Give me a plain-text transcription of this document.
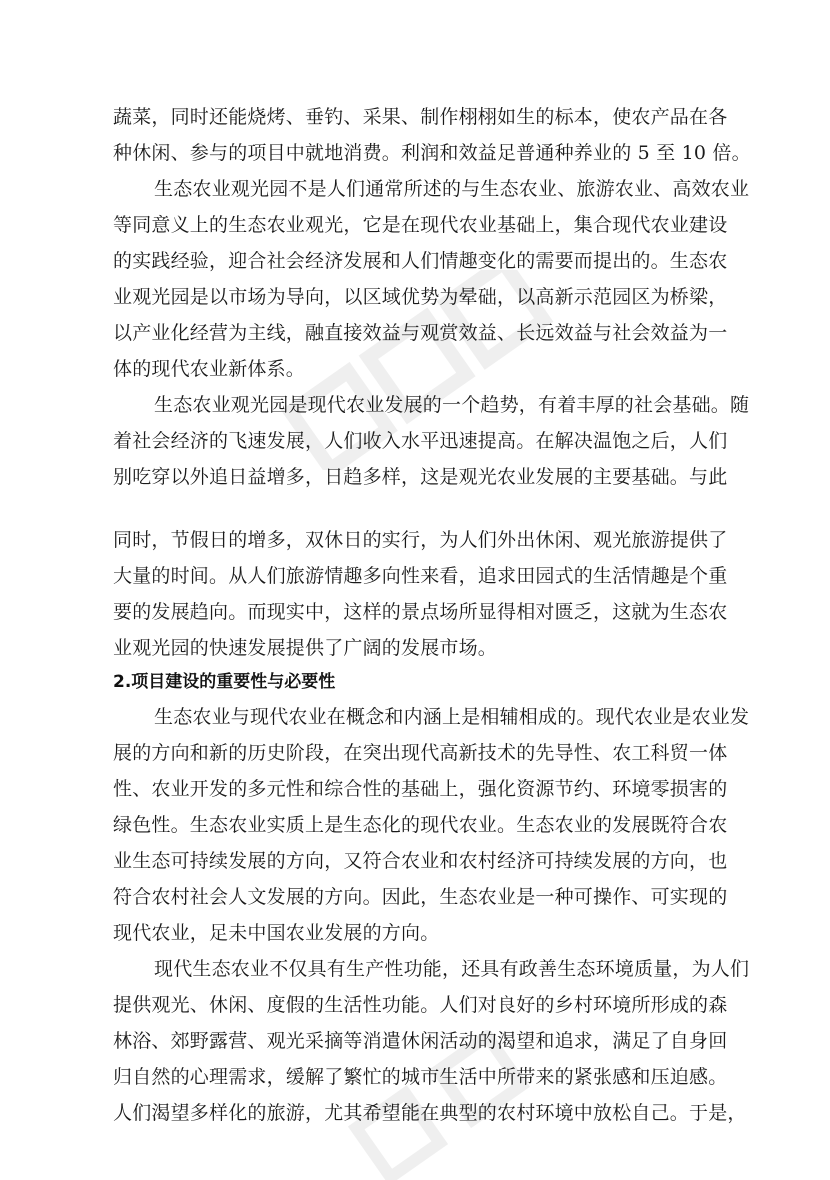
蔬菜，同时还能烧烤、垂钓、采果、制作栩栩如生的标本，使农产品在各
种休闲、参与的项目中就地消费。利润和效益足普通种养业的 5 至 10 倍。
生态农业观光园不是人们通常所述的与生态农业、旅游农业、高效农业
等同意义上的生态农业观光，它是在现代农业基础上，集合现代农业建设
的实践经验，迎合社会经济发展和人们情趣变化的需要而提出的。生态农
业观光园是以市场为导向，以区域优势为晕础，以高新示范园区为桥梁，
以产业化经营为主线，融直接效益与观赏效益、长远效益与社会效益为一
体的现代农业新体系。
生态农业观光园是现代农业发展的一个趋势，有着丰厚的社会基础。随
着社会经济的飞速发展，人们收入水平迅速提高。在解决温饱之后，人们
别吃穿以外追日益增多，日趋多样，这是观光农业发展的主要基础。与此
同时，节假日的增多，双休日的实行，为人们外出休闲、观光旅游提供了
大量的时间。从人们旅游情趣多向性来看，追求田园式的生活情趣是个重
要的发展趋向。而现实中，这样的景点场所显得相对匮乏，这就为生态农
业观光园的快速发展提供了广阔的发展市场。
2.项目建设的重要性与必要性
生态农业与现代农业在概念和内涵上是相辅相成的。现代农业是农业发
展的方向和新的历史阶段，在突出现代高新技术的先导性、农工科贸一体
性、农业开发的多元性和综合性的基础上，强化资源节约、环境零损害的
绿色性。生态农业实质上是生态化的现代农业。生态农业的发展既符合农
业生态可持续发展的方向，又符合农业和农村经济可持续发展的方向，也
符合农村社会人文发展的方向。因此，生态农业是一种可操作、可实现的
现代农业，足未中国农业发展的方向。
现代生态农业不仅具有生产性功能，还具有政善生态环境质量，为人们
提供观光、休闲、度假的生活性功能。人们对良好的乡村环境所形成的森
林浴、郊野露营、观光采摘等消遣休闲活动的渴望和追求，满足了自身回
归自然的心理需求，缓解了繁忙的城市生活中所带来的紧张感和压迫感。
人们渴望多样化的旅游，尤其希望能在典型的农村环境中放松自己。于是，
